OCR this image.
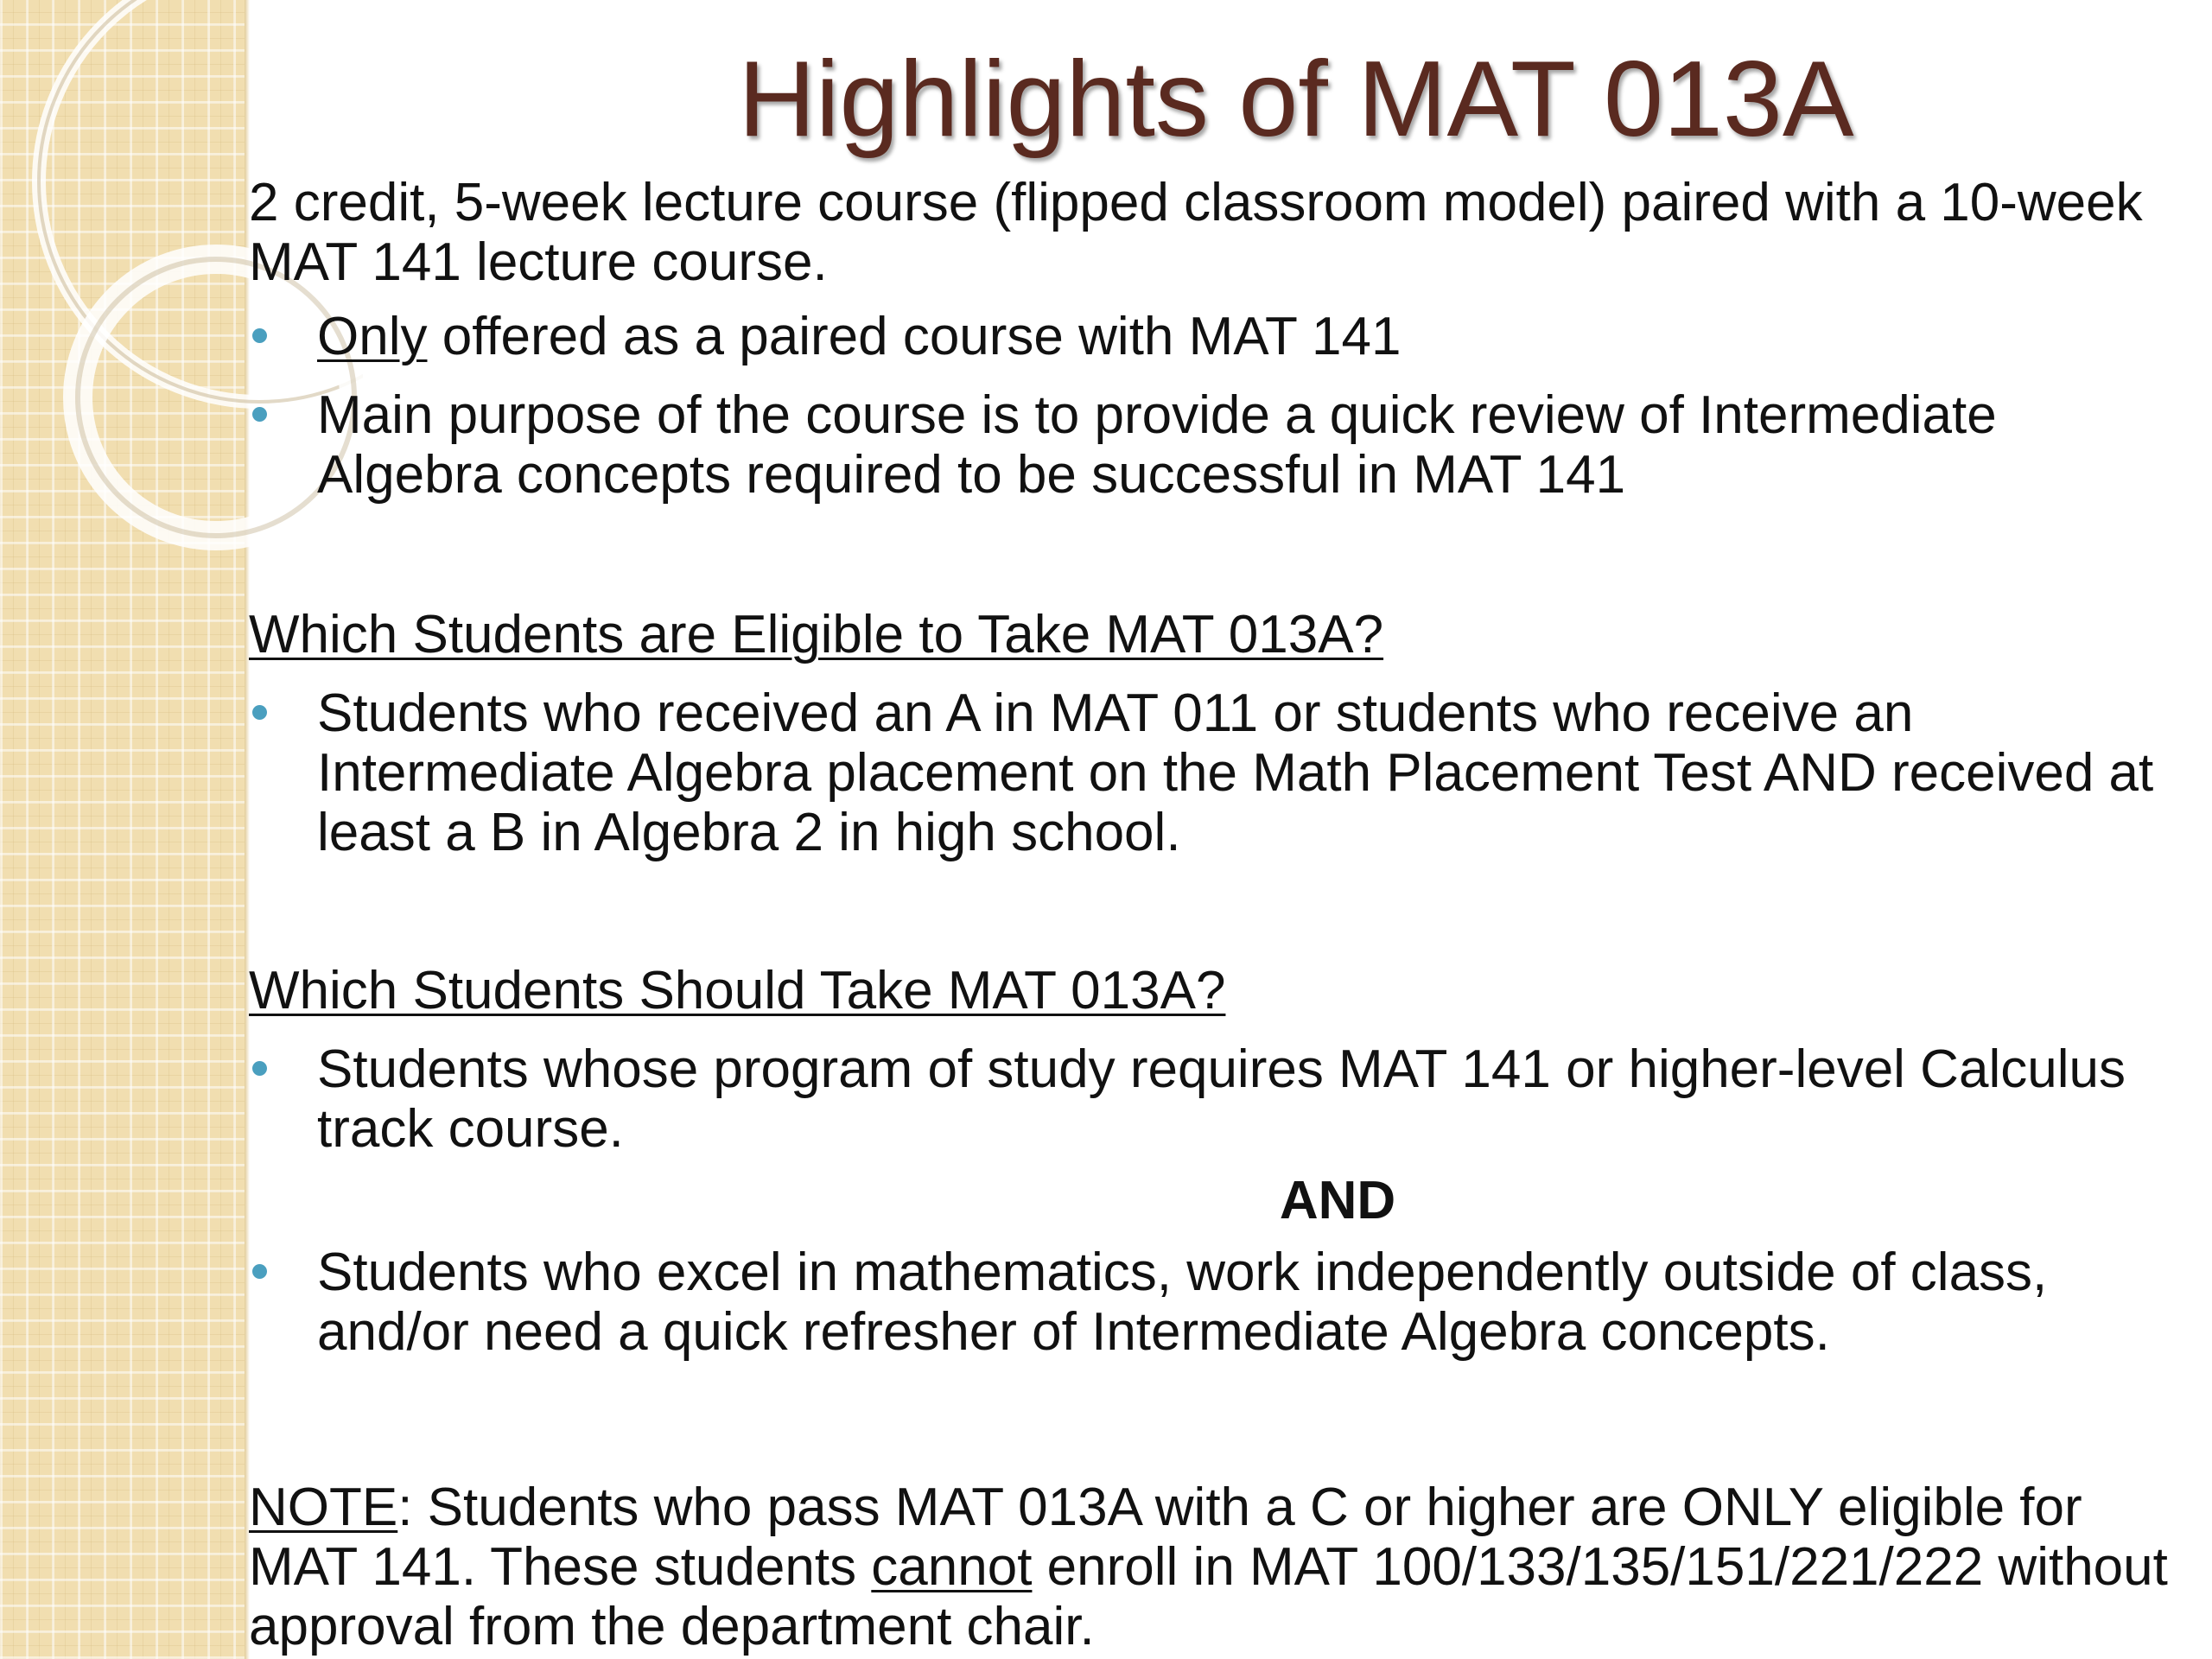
Highlights of MAT 013A

2 credit, 5-week lecture course (flipped classroom model) paired with a 10-week MAT 141 lecture course.

Only offered as a paired course with MAT 141
Main purpose of the course is to provide a quick review of Intermediate Algebra concepts required to be successful in MAT 141

Which Students are Eligible to Take MAT 013A?

Students who received an A in MAT 011 or students who receive an Intermediate Algebra placement on the Math Placement Test AND received at least a B in Algebra 2 in high school.

Which Students Should Take MAT 013A?

Students whose program of study requires MAT 141 or higher-level Calculus track course.

AND

Students who excel in mathematics, work independently outside of class, and/or need a quick refresher of Intermediate Algebra concepts.

NOTE: Students who pass MAT 013A with a C or higher are ONLY eligible for MAT 141. These students cannot enroll in MAT 100/133/135/151/221/222 without approval from the department chair.
